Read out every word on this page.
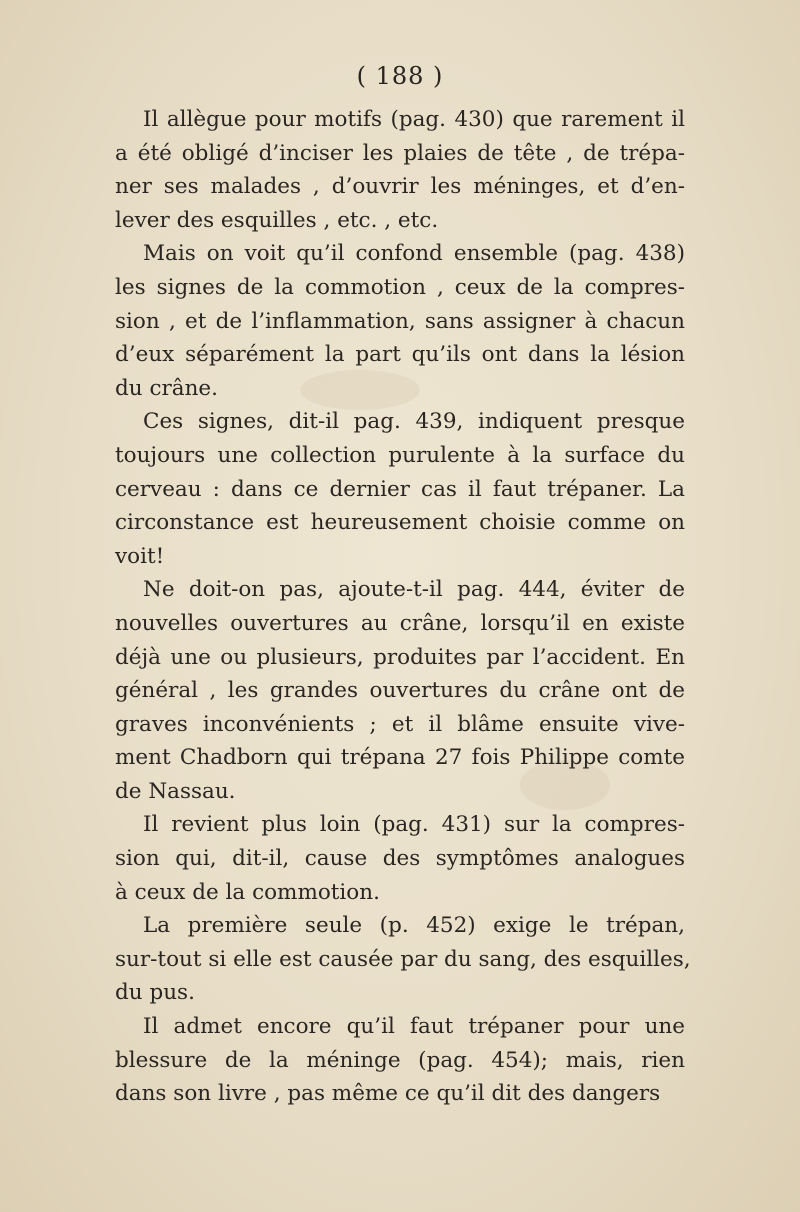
( 188 )
Il allègue pour motifs (pag. 430) que rarement il
a été obligé d’inciser les plaies de tête , de trépa-
ner ses malades , d’ouvrir les méninges, et d’en-
lever des esquilles , etc. , etc.
Mais on voit qu’il confond ensemble (pag. 438)
les signes de la commotion , ceux de la compres-
sion , et de l’inflammation, sans assigner à chacun
d’eux séparément la part qu’ils ont dans la lésion
du crâne.
Ces signes, dit-il pag. 439, indiquent presque
toujours une collection purulente à la surface du
cerveau : dans ce dernier cas il faut trépaner. La
circonstance est heureusement choisie comme on
voit!
Ne doit-on pas, ajoute-t-il pag. 444, éviter de
nouvelles ouvertures au crâne, lorsqu’il en existe
déjà une ou plusieurs, produites par l’accident. En
général , les grandes ouvertures du crâne ont de
graves inconvénients ; et il blâme ensuite vive-
ment Chadborn qui trépana 27 fois Philippe comte
de Nassau.
Il revient plus loin (pag. 431) sur la compres-
sion qui, dit-il, cause des symptômes analogues
à ceux de la commotion.
La première seule (p. 452) exige le trépan,
sur-tout si elle est causée par du sang, des esquilles,
du pus.
Il admet encore qu’il faut trépaner pour une
blessure de la méninge (pag. 454); mais, rien
dans son livre , pas même ce qu’il dit des dangers
